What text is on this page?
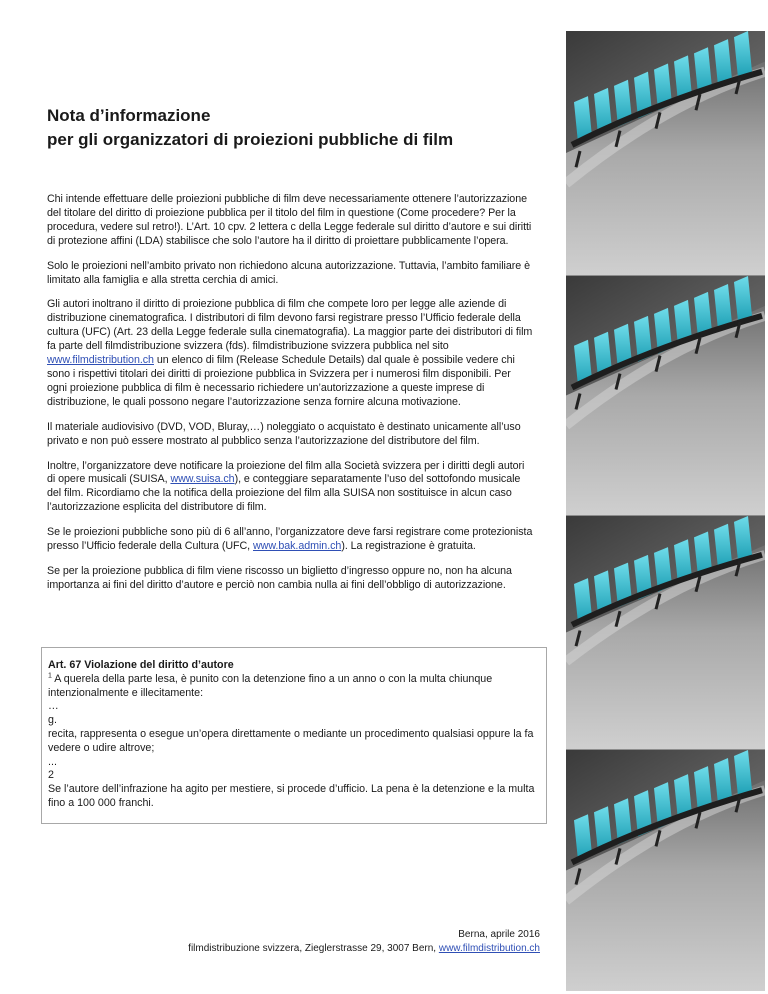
Nota d’informazione
per gli organizzatori di proiezioni pubbliche di film

Chi intende effettuare delle proiezioni pubbliche di film deve necessariamente ottenere l’autorizzazione del titolare del diritto di proiezione pubblica per il titolo del film in questione (Come procedere? Per la procedura, vedere sul retro!). L’Art. 10 cpv. 2 lettera c della Legge federale sul diritto d’autore e sui diritti di protezione affini (LDA) stabilisce che solo l’autore ha il diritto di proiettare pubblicamente l’opera.

Solo le proiezioni nell’ambito privato non richiedono alcuna autorizzazione. Tuttavia, l’ambito familiare è limitato alla famiglia e alla stretta cerchia di amici.

Gli autori inoltrano il diritto di proiezione pubblica di film che compete loro per legge alle aziende di distribuzione cinematografica. I distributori di film devono farsi registrare presso l’Ufficio federale della cultura (UFC) (Art. 23 della Legge federale sulla cinematografia). La maggior parte dei distributori di film fa parte dell filmdistribuzione svizzera (fds). filmdistribuzione svizzera pubblica nel sito www.filmdistribution.ch un elenco di film (Release Schedule Details) dal quale è possibile vedere chi sono i rispettivi titolari dei diritti di proiezione pubblica in Svizzera per i numerosi film disponibili. Per ogni proiezione pubblica di film è necessario richiedere un’autorizzazione a queste imprese di distribuzione, le quali possono negare l’autorizzazione senza fornire alcuna motivazione.

Il materiale audiovisivo (DVD, VOD, Bluray,…) noleggiato o acquistato è destinato unicamente all’uso privato e non può essere mostrato al pubblico senza l’autorizzazione del distributore del film.

Inoltre, l’organizzatore deve notificare la proiezione del film alla Società svizzera per i diritti degli autori di opere musicali (SUISA, www.suisa.ch), e conteggiare separatamente l’uso del sottofondo musicale del film. Ricordiamo che la notifica della proiezione del film alla SUISA non sostituisce in alcun caso l’autorizzazione esplicita del distributore di film.

Se le proiezioni pubbliche sono più di 6 all’anno, l’organizzatore deve farsi registrare come protezionista presso l’Ufficio federale della Cultura (UFC, www.bak.admin.ch). La registrazione è gratuita.

Se per la proiezione pubblica di film viene riscosso un biglietto d’ingresso oppure no, non ha alcuna importanza ai fini del diritto d’autore e perciò non cambia nulla ai fini dell’obbligo di autorizzazione.

Art. 67 Violazione del diritto d’autore

$^1$ A querela della parte lesa, è punito con la detenzione fino a un anno o con la multa chiunque intenzionalmente e illecitamente:

…

g.

recita, rappresenta o esegue un’opera direttamente o mediante un procedimento qualsiasi oppure la fa vedere o udire altrove;

...

2

Se l’autore dell’infrazione ha agito per mestiere, si procede d’ufficio. La pena è la detenzione e la multa fino a 100 000 franchi.

Berna, aprile 2016
filmdistribuzione svizzera, Zieglerstrasse 29, 3007 Bern, www.filmdistribution.ch
